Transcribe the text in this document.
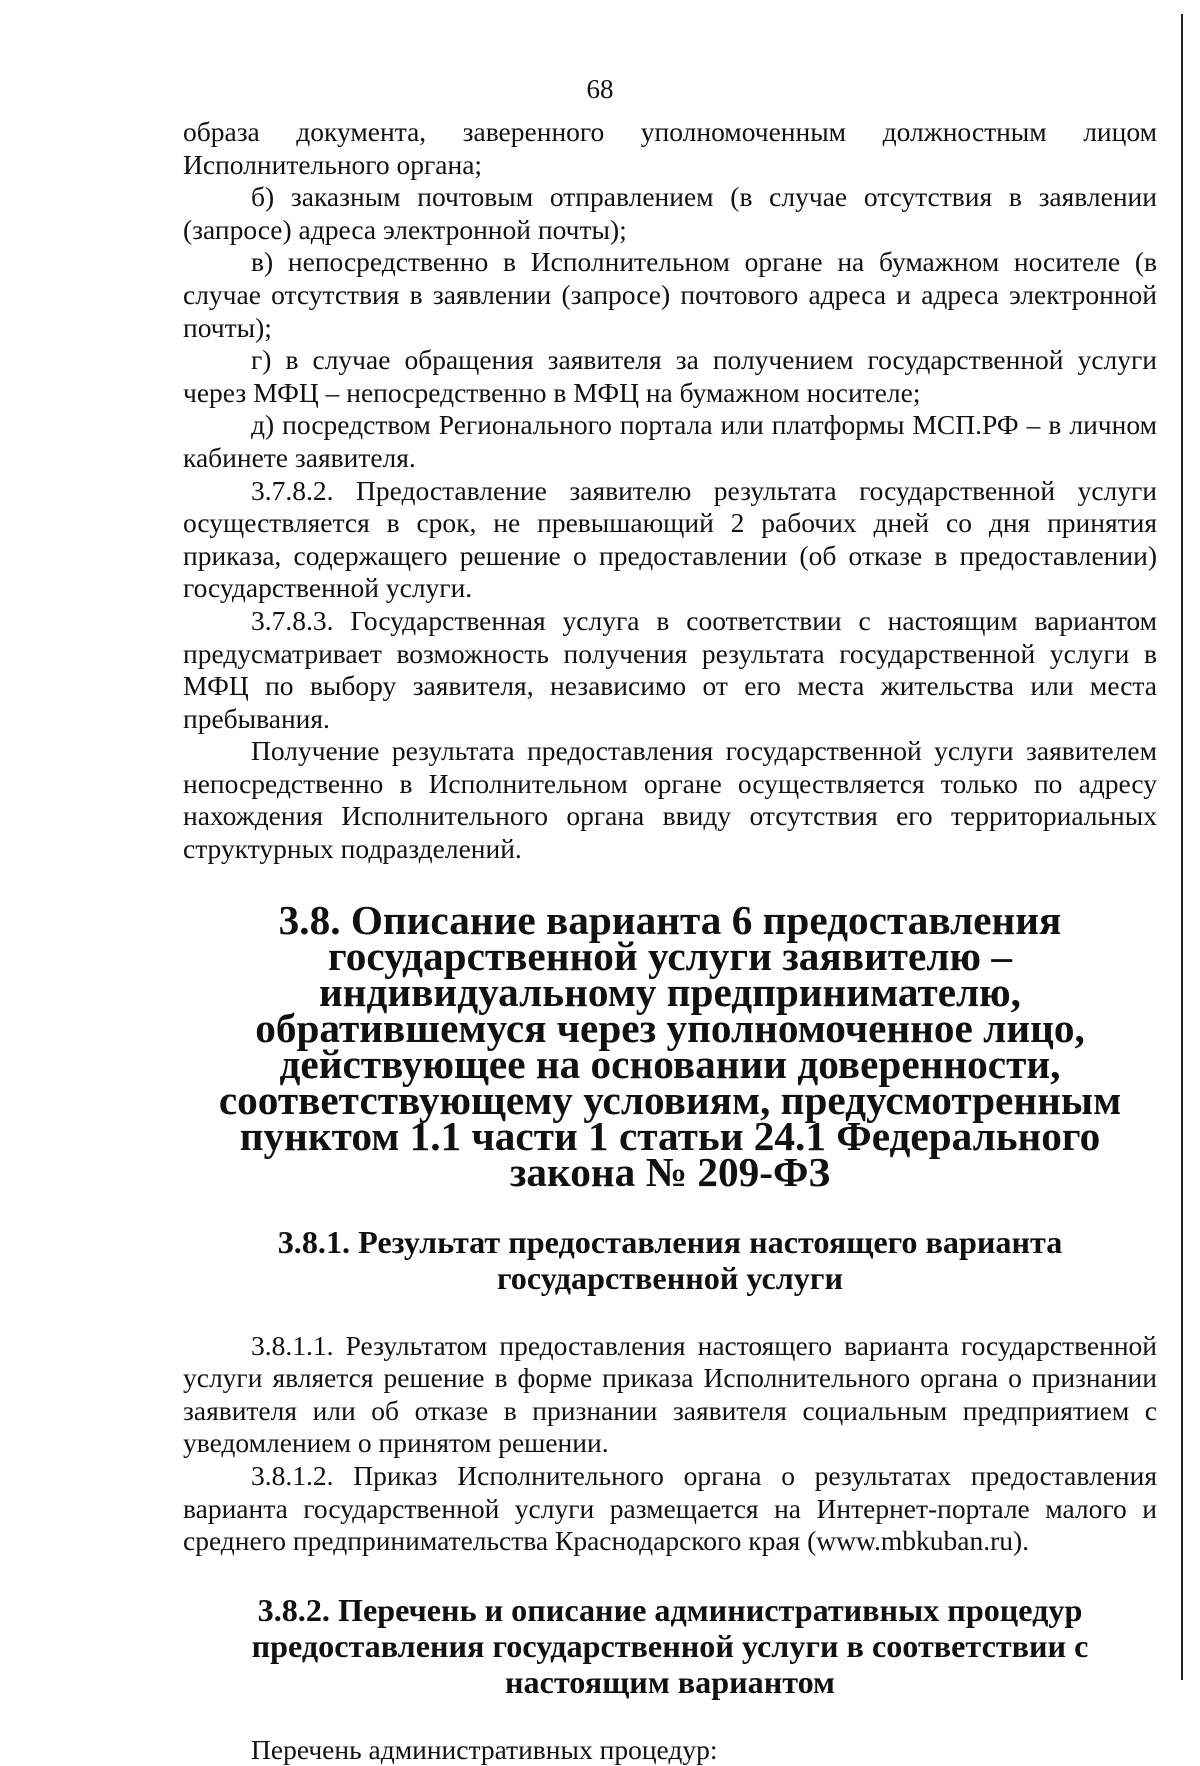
68

образа документа, заверенного уполномоченным должностным лицом Исполнительного органа;

б) заказным почтовым отправлением (в случае отсутствия в заявлении (запросе) адреса электронной почты);

в) непосредственно в Исполнительном органе на бумажном носителе (в случае отсутствия в заявлении (запросе) почтового адреса и адреса электронной почты);

г) в случае обращения заявителя за получением государственной услуги через МФЦ – непосредственно в МФЦ на бумажном носителе;

д) посредством Регионального портала или платформы МСП.РФ – в личном кабинете заявителя.

3.7.8.2. Предоставление заявителю результата государственной услуги осуществляется в срок, не превышающий 2 рабочих дней со дня принятия приказа, содержащего решение о предоставлении (об отказе в предоставлении) государственной услуги.

3.7.8.3. Государственная услуга в соответствии с настоящим вариантом предусматривает возможность получения результата государственной услуги в МФЦ по выбору заявителя, независимо от его места жительства или места пребывания.

Получение результата предоставления государственной услуги заявителем непосредственно в Исполнительном органе осуществляется только по адресу нахождения Исполнительного органа ввиду отсутствия его территориальных структурных подразделений.

3.8. Описание варианта 6 предоставления государственной услуги заявителю – индивидуальному предпринимателю, обратившемуся через уполномоченное лицо, действующее на основании доверенности, соответствующему условиям, предусмотренным пунктом 1.1 части 1 статьи 24.1 Федерального закона № 209-ФЗ
3.8.1. Результат предоставления настоящего варианта государственной услуги

3.8.1.1. Результатом предоставления настоящего варианта государственной услуги является решение в форме приказа Исполнительного органа о признании заявителя или об отказе в признании заявителя социальным предприятием с уведомлением о принятом решении.

3.8.1.2. Приказ Исполнительного органа о результатах предоставления варианта государственной услуги размещается на Интернет-портале малого и среднего предпринимательства Краснодарского края (www.mbkuban.ru).

3.8.2. Перечень и описание административных процедур предоставления государственной услуги в соответствии с настоящим вариантом

Перечень административных процедур:
